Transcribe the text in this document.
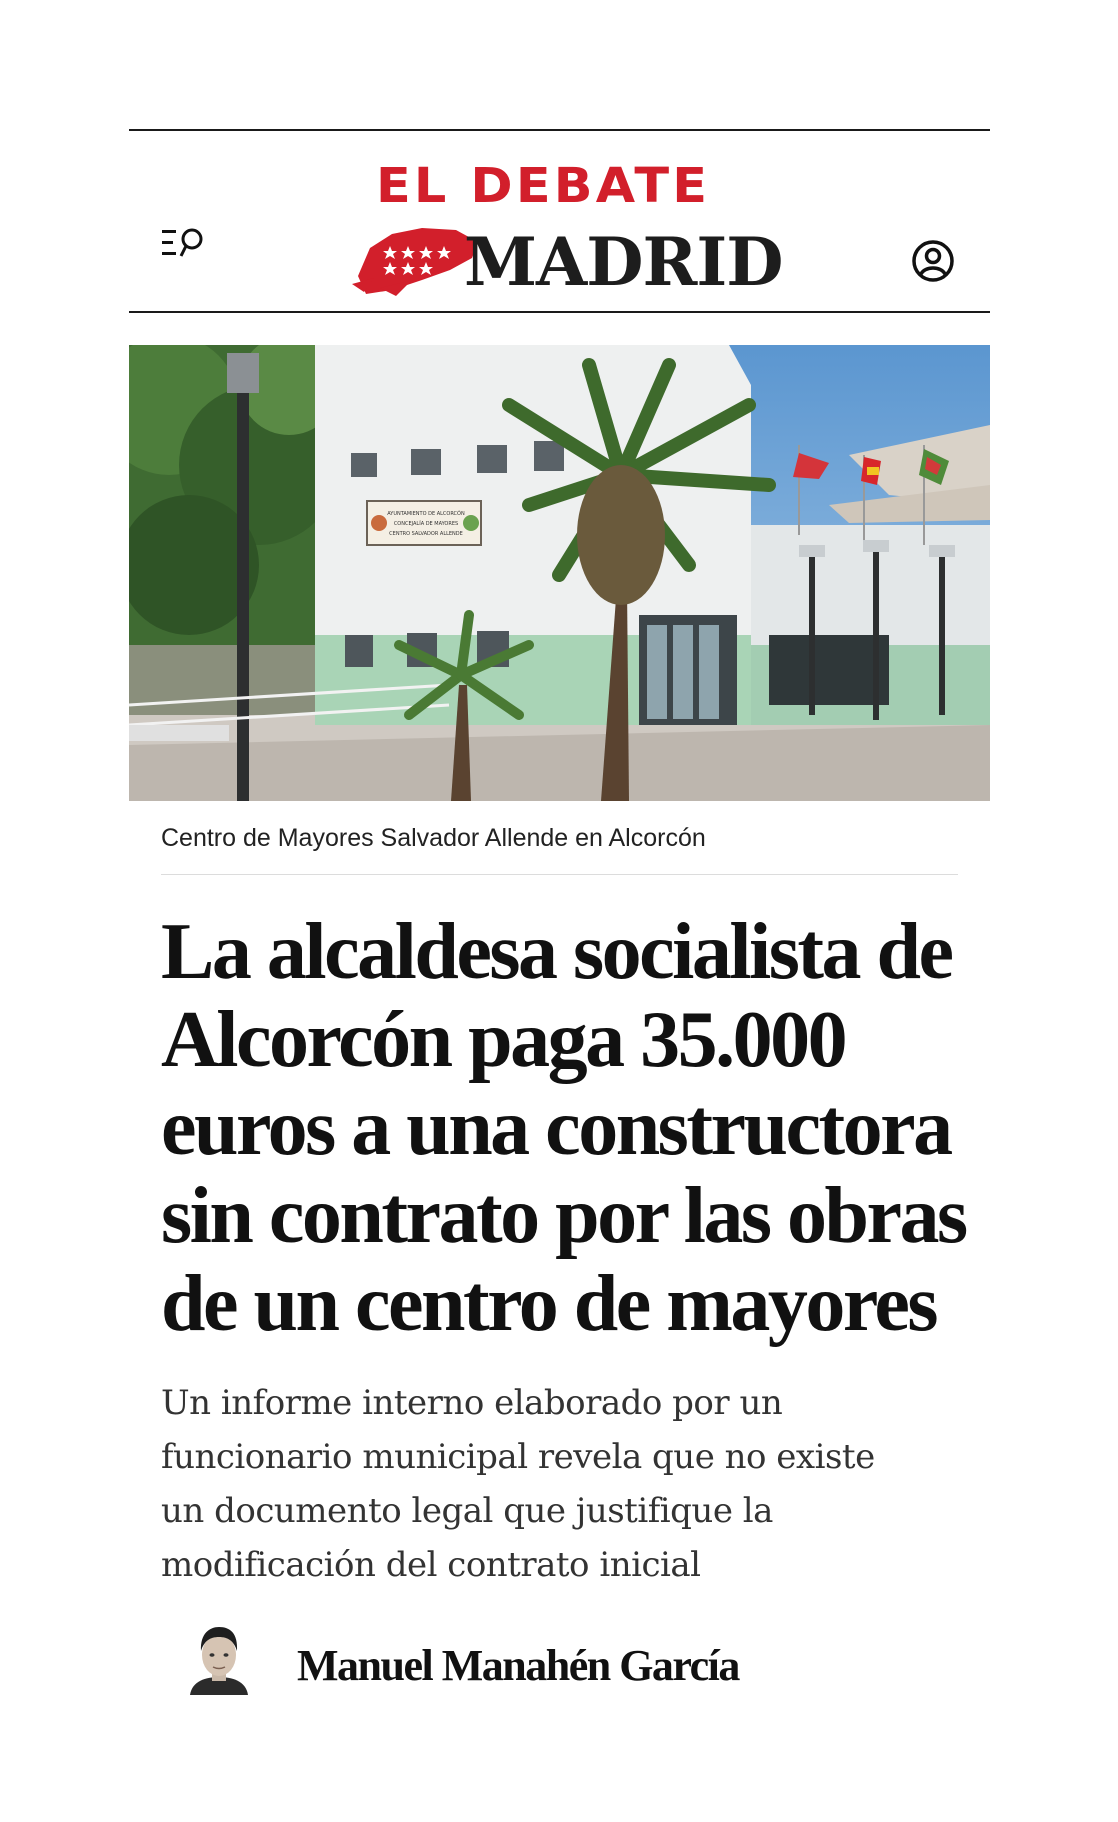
EL DEBATE
MADRID
AYUNTAMIENTO DE ALCORCÓN
CONCEJALÍA DE MAYORES
CENTRO SALVADOR ALLENDE
Centro de Mayores Salvador Allende en Alcorcón
La alcaldesa socialista de
Alcorcón paga 35.000
euros a una constructora
sin contrato por las obras
de un centro de mayores

Un informe interno elaborado por un
funcionario municipal revela que no existe
un documento legal que justifique la
modificación del contrato inicial

Manuel Manahén García
